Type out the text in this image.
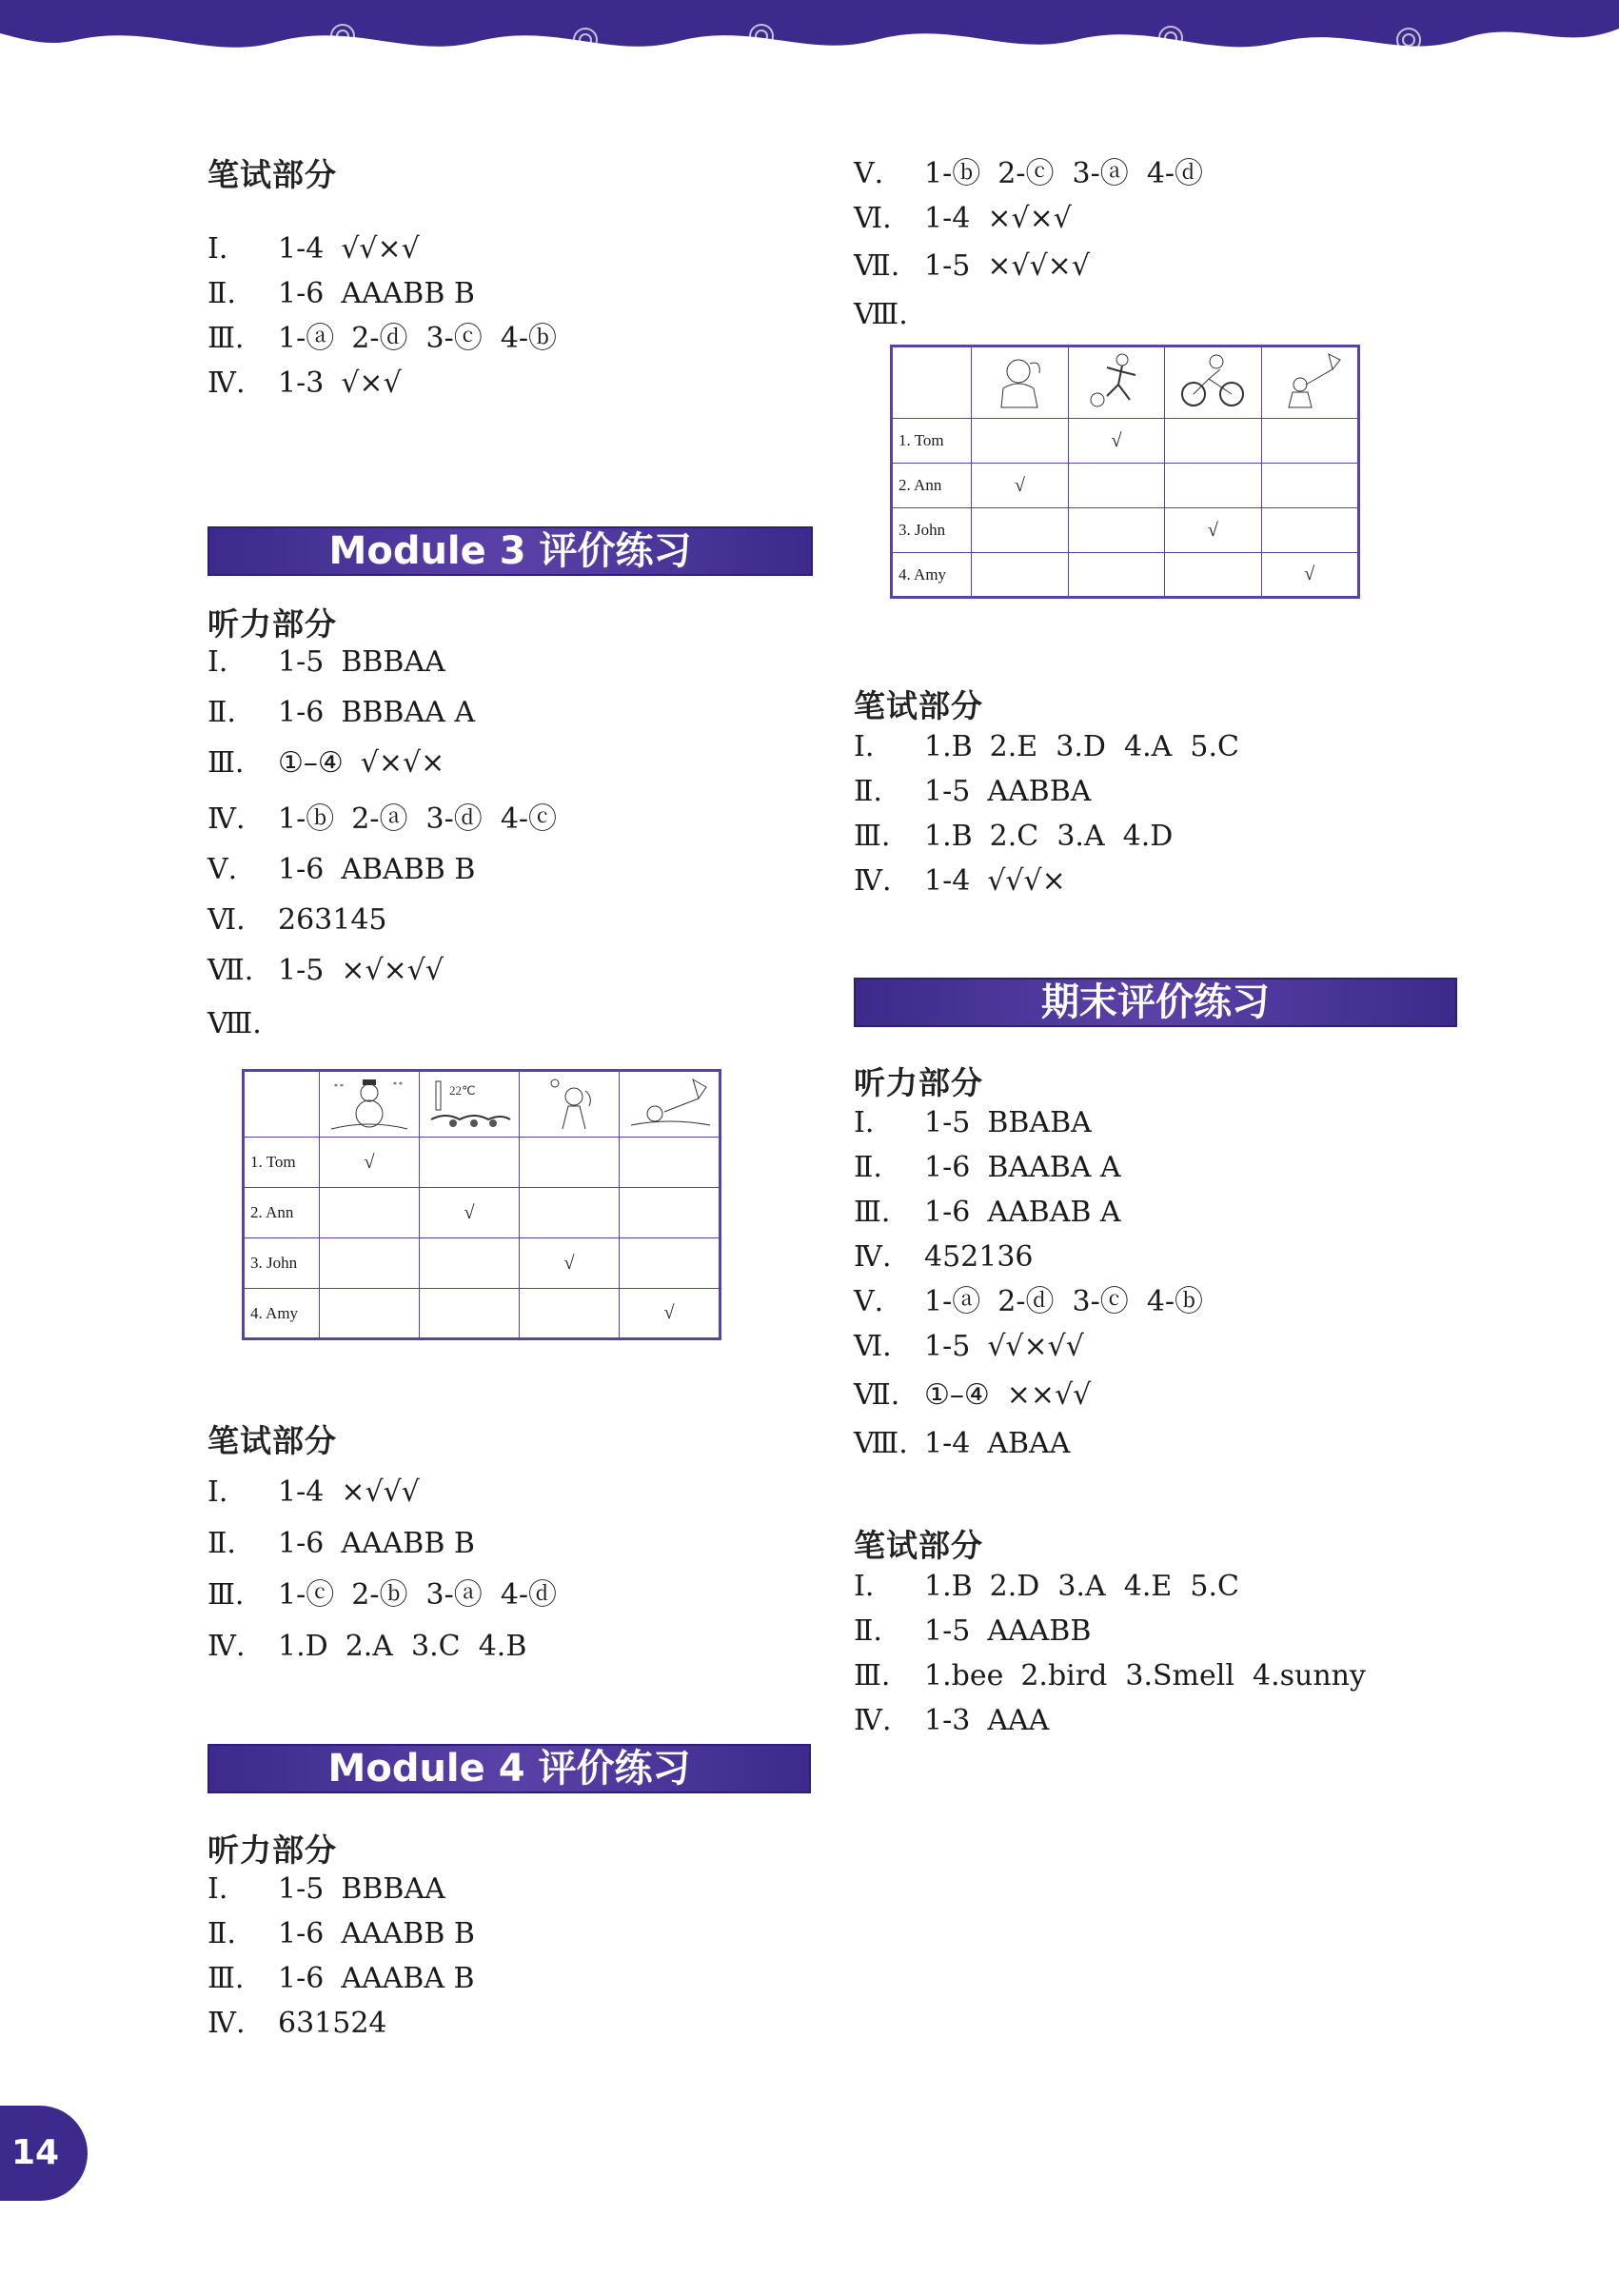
笔试部分
Ⅰ. 1-4 √√×√
Ⅱ. 1-6 AAABB B
Ⅲ. 1-ⓐ 2-ⓓ  3-ⓒ  4-ⓑ
Ⅳ. 1-3 √×√
Module 3 评价练习
听力部分
Ⅰ. 1-5 BBBAA
Ⅱ. 1-6 BBBAA A
Ⅲ. ①–④ √×√×
Ⅳ. 1-ⓑ 2-ⓐ  3-ⓓ  4-ⓒ
Ⅴ. 1-6 ABABB B
Ⅵ. 263145
Ⅶ. 1-5 ×√×√√
Ⅷ.

* * * *	22℃

1. Tom	√			
2. Ann		√		
3. John			√	
4. Amy				√
笔试部分
Ⅰ. 1-4 ×√√√
Ⅱ. 1-6 AAABB B
Ⅲ. 1-ⓒ 2-ⓑ  3-ⓐ  4-ⓓ
Ⅳ. 1.D 2.A  3.C  4.B
Module 4 评价练习
听力部分
Ⅰ. 1-5 BBBAA
Ⅱ. 1-6 AAABB B
Ⅲ. 1-6 AAABA B
Ⅳ. 631524
Ⅴ. 1-ⓑ 2-ⓒ  3-ⓐ  4-ⓓ
Ⅵ. 1-4 ×√×√
Ⅶ. 1-5 ×√√×√
Ⅷ.

1. Tom		√		
2. Ann	√			
3. John			√	
4. Amy				√
笔试部分
Ⅰ. 1.B 2.E  3.D  4.A  5.C
Ⅱ. 1-5 AABBA
Ⅲ. 1.B 2.C  3.A  4.D
Ⅳ. 1-4 √√√×
期末评价练习
听力部分
Ⅰ. 1-5 BBABA
Ⅱ. 1-6 BAABA A
Ⅲ. 1-6 AABAB A
Ⅳ. 452136
Ⅴ. 1-ⓐ 2-ⓓ  3-ⓒ  4-ⓑ
Ⅵ. 1-5 √√×√√
Ⅶ. ①–④ ××√√
Ⅷ. 1-4 ABAA
笔试部分
Ⅰ. 1.B 2.D  3.A  4.E  5.C
Ⅱ. 1-5 AAABB
Ⅲ. 1.bee 2.bird  3.Smell  4.sunny
Ⅳ. 1-3 AAA
14 –
